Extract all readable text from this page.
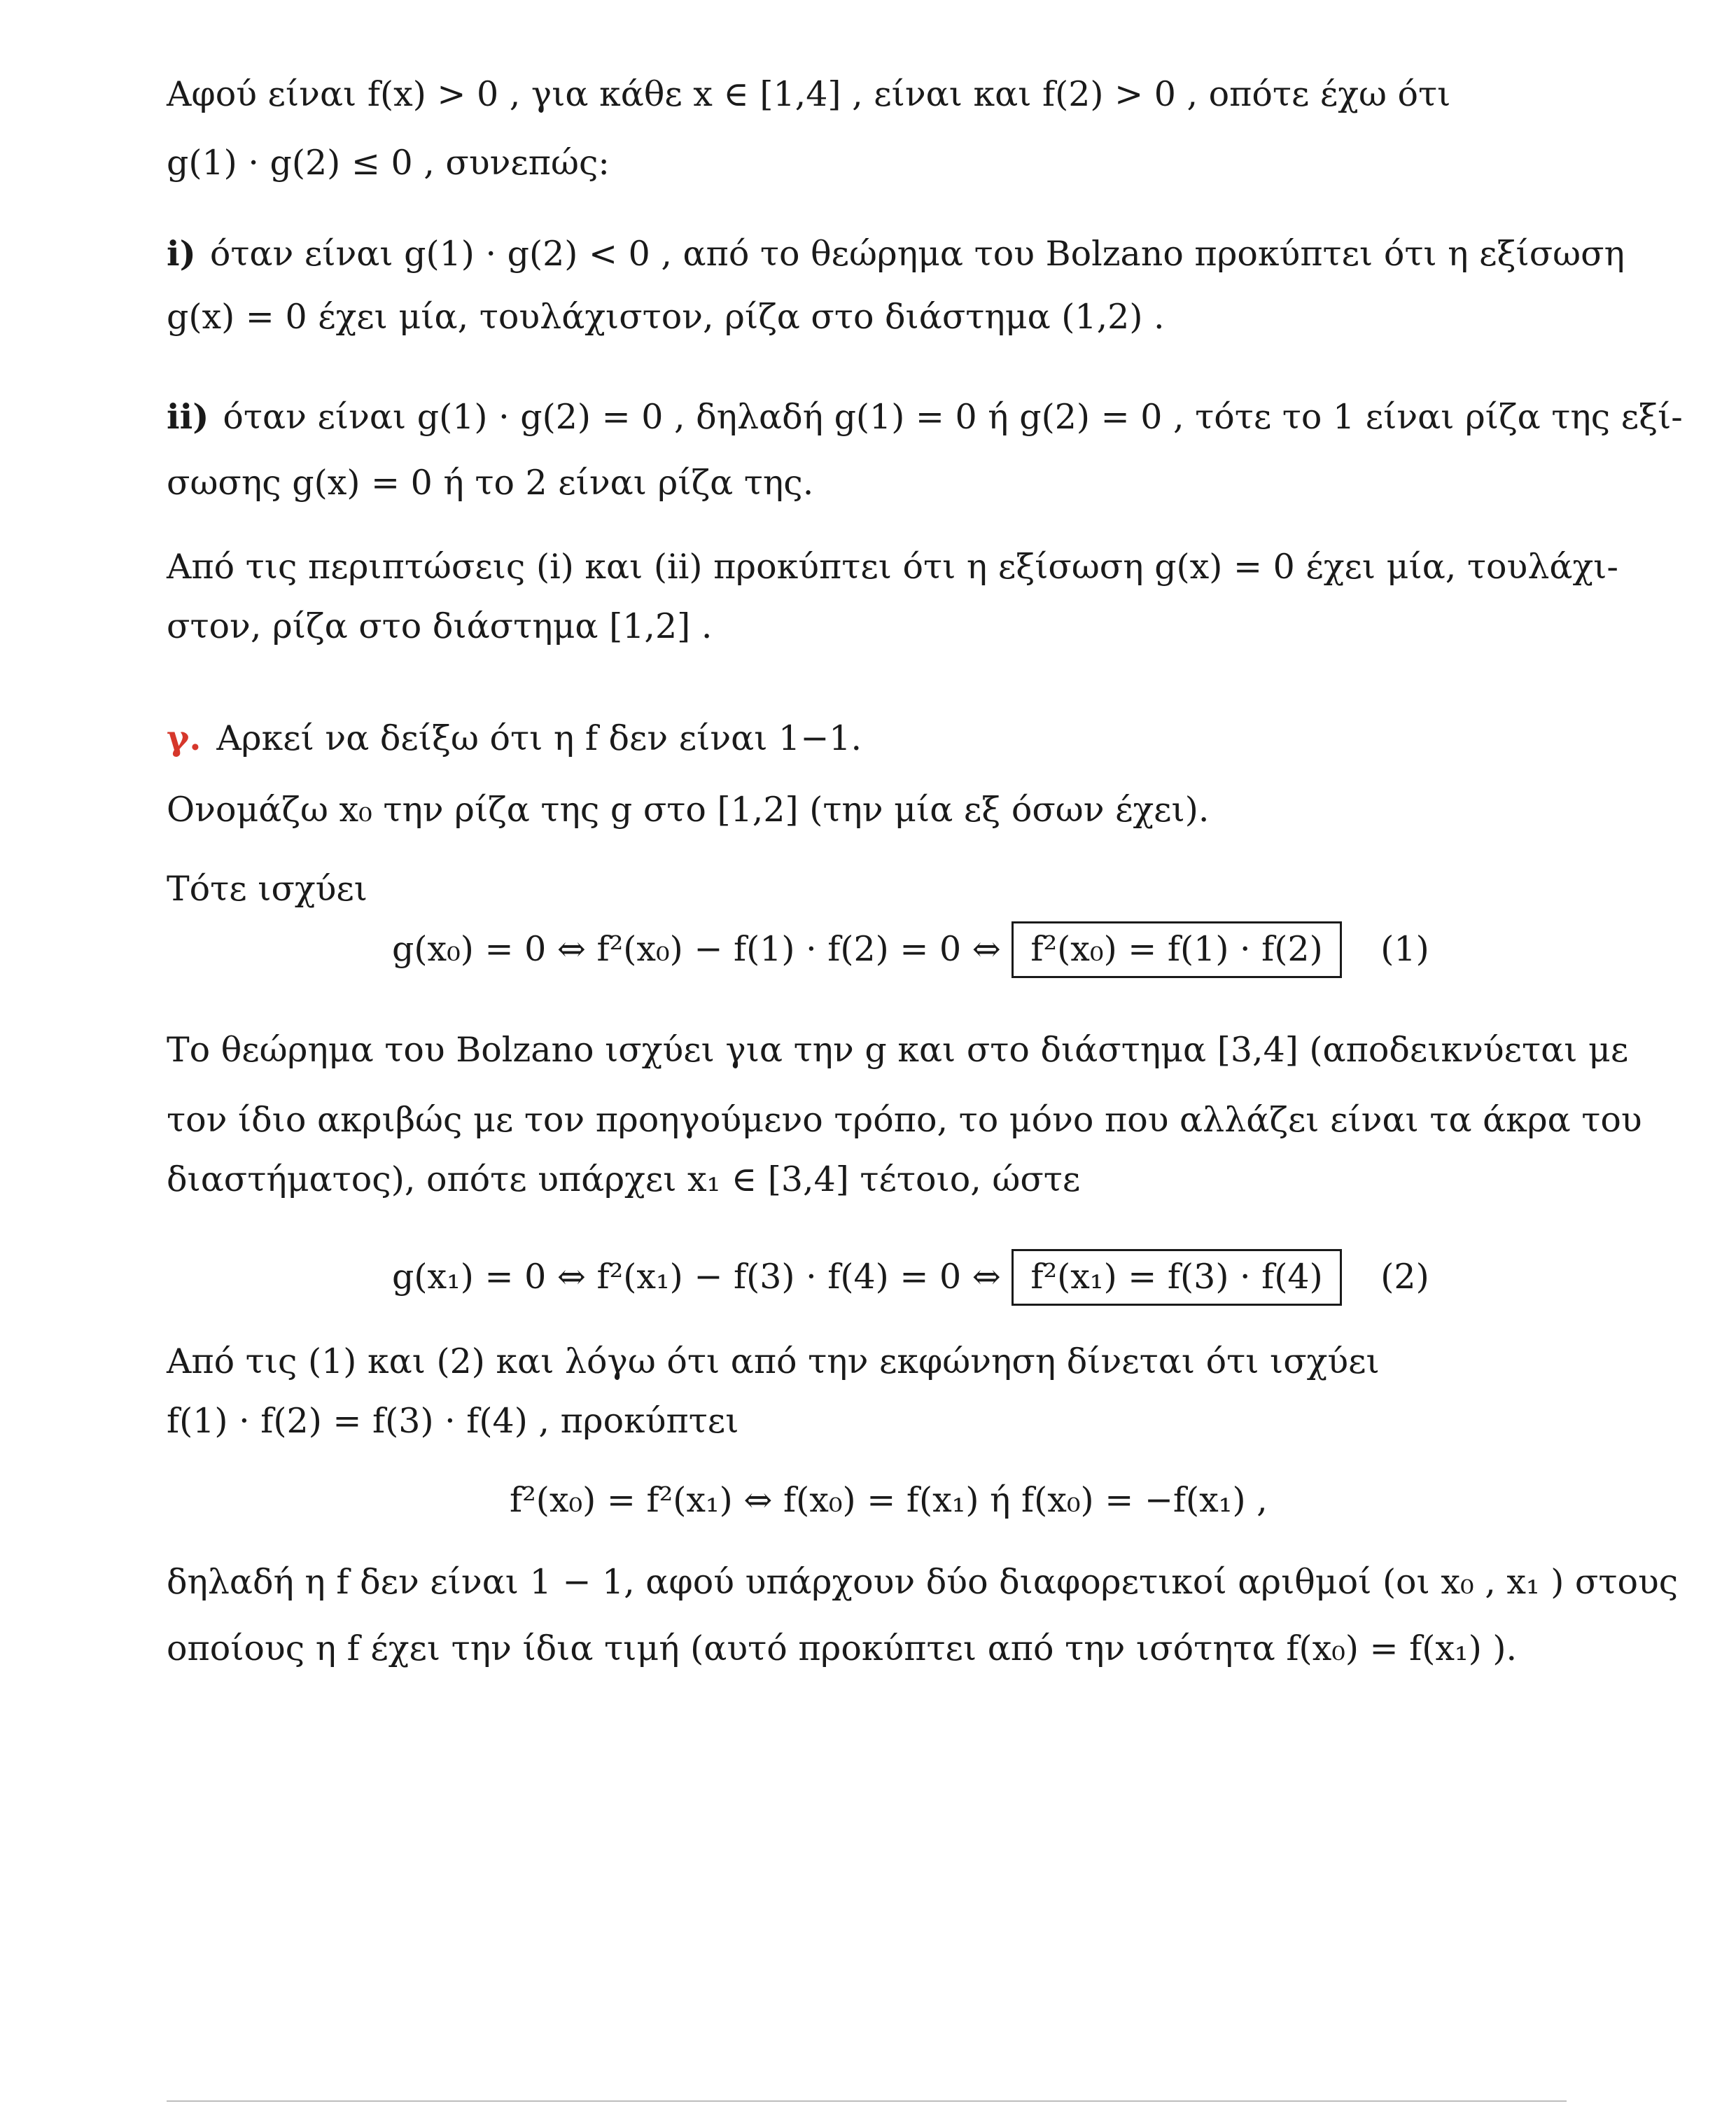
Αφού είναι f(x) > 0 , για κάθε x ∈ [1,4] , είναι και f(2) > 0 , οπότε έχω ότι
g(1) · g(2) ≤ 0 , συνεπώς:
i) όταν είναι g(1) · g(2) < 0 , από το θεώρημα του Bolzano προκύπτει ότι η εξίσωση
g(x) = 0 έχει μία, τουλάχιστον, ρίζα στο διάστημα (1,2) .
ii) όταν είναι g(1) · g(2) = 0 , δηλαδή g(1) = 0 ή g(2) = 0 , τότε το 1 είναι ρίζα της εξί-
σωσης g(x) = 0 ή το 2 είναι ρίζα της.
Από τις περιπτώσεις (i) και (ii) προκύπτει ότι η εξίσωση g(x) = 0 έχει μία, τουλάχι-
στον, ρίζα στο διάστημα [1,2] .
γ. Αρκεί να δείξω ότι η f δεν είναι 1−1.
Ονομάζω x₀ την ρίζα της g στο [1,2] (την μία εξ όσων έχει).
Τότε ισχύει
g(x₀) = 0 ⇔ f²(x₀) − f(1) · f(2) = 0 ⇔ f²(x₀) = f(1) · f(2) (1)
Το θεώρημα του Bolzano ισχύει για την g και στο διάστημα [3,4] (αποδεικνύεται με
τον ίδιο ακριβώς με τον προηγούμενο τρόπο, το μόνο που αλλάζει είναι τα άκρα του
διαστήματος), οπότε υπάρχει x₁ ∈ [3,4] τέτοιο, ώστε
g(x₁) = 0 ⇔ f²(x₁) − f(3) · f(4) = 0 ⇔ f²(x₁) = f(3) · f(4) (2)
Από τις (1) και (2) και λόγω ότι από την εκφώνηση δίνεται ότι ισχύει
f(1) · f(2) = f(3) · f(4) , προκύπτει
f²(x₀) = f²(x₁) ⇔ f(x₀) = f(x₁) ή f(x₀) = −f(x₁) ,
δηλαδή η f δεν είναι 1 − 1, αφού υπάρχουν δύο διαφορετικοί αριθμοί (οι x₀ , x₁ ) στους
οποίους η f έχει την ίδια τιμή (αυτό προκύπτει από την ισότητα f(x₀) = f(x₁) ).
